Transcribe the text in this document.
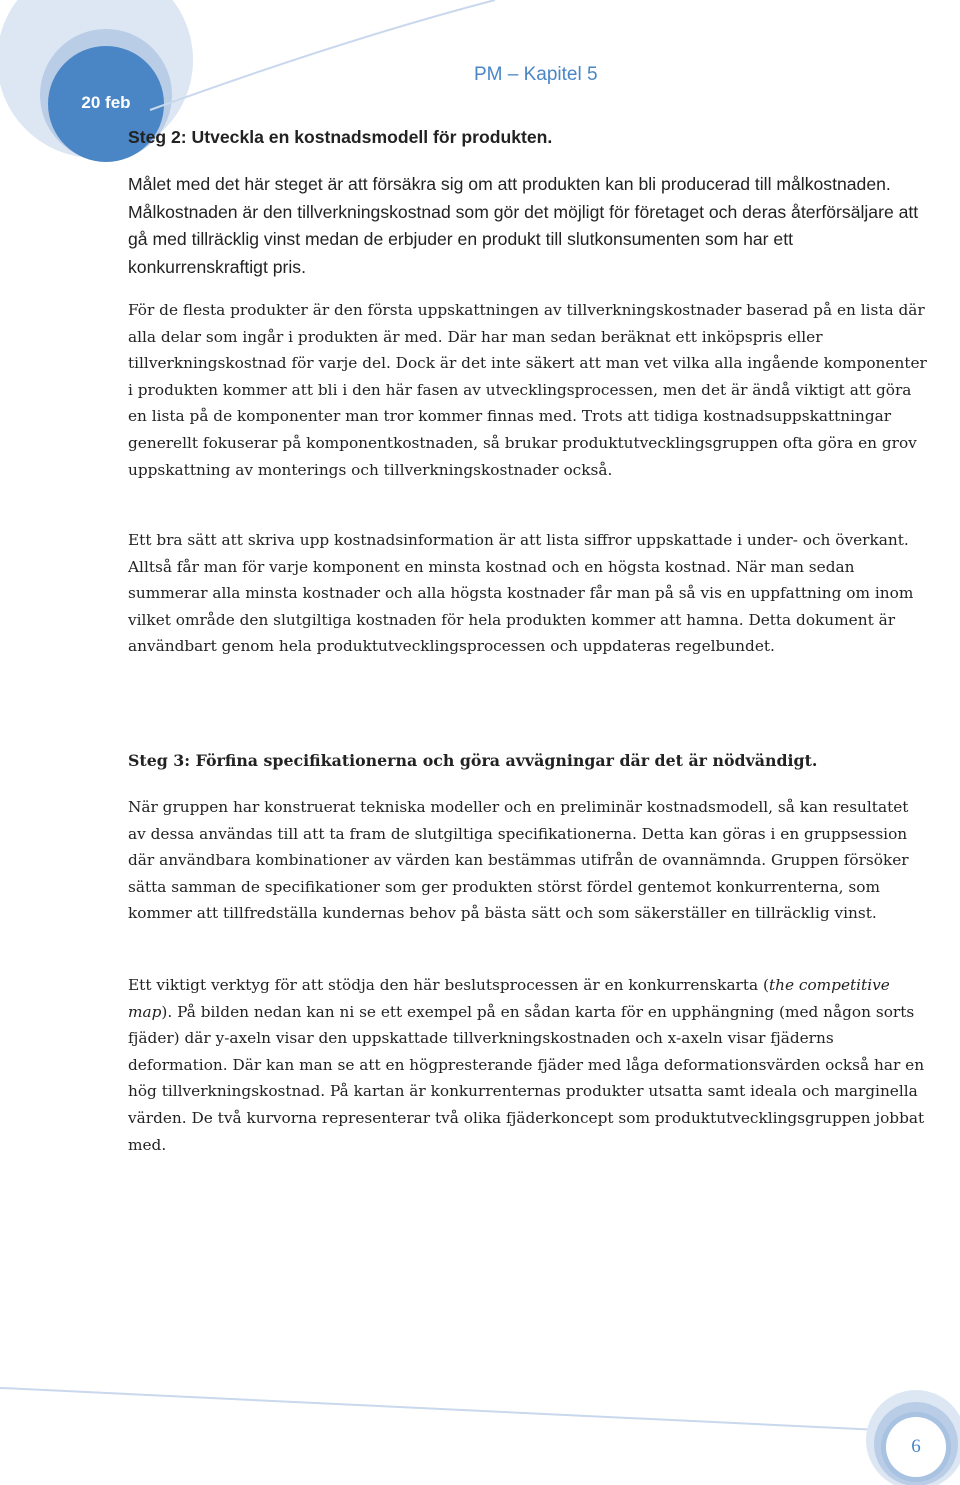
20 feb
PM – Kapitel 5

Steg 2: Utveckla en kostnadsmodell för produkten.

Målet med det här steget är att försäkra sig om att produkten kan bli producerad till målkostnaden. Målkostnaden är den tillverkningskostnad som gör det möjligt för företaget och deras återförsäljare att gå med tillräcklig vinst medan de erbjuder en produkt till slutkonsumenten som har ett konkurrenskraftigt pris.

För de flesta produkter är den första uppskattningen av tillverkningskostnader baserad på en lista där alla delar som ingår i produkten är med. Där har man sedan beräknat ett inköpspris eller tillverkningskostnad för varje del. Dock är det inte säkert att man vet vilka alla ingående komponenter i produkten kommer att bli i den här fasen av utvecklingsprocessen, men det är ändå viktigt att göra en lista på de komponenter man tror kommer finnas med. Trots att tidiga kostnadsuppskattningar generellt fokuserar på komponentkostnaden, så brukar produktutvecklingsgruppen ofta göra en grov uppskattning av monterings och tillverkningskostnader också.

Ett bra sätt att skriva upp kostnadsinformation är att lista siffror uppskattade i under- och överkant. Alltså får man för varje komponent en minsta kostnad och en högsta kostnad. När man sedan summerar alla minsta kostnader och alla högsta kostnader får man på så vis en uppfattning om inom vilket område den slutgiltiga kostnaden för hela produkten kommer att hamna. Detta dokument är användbart genom hela produktutvecklingsprocessen och uppdateras regelbundet.

Steg 3: Förfina specifikationerna och göra avvägningar där det är nödvändigt.

När gruppen har konstruerat tekniska modeller och en preliminär kostnadsmodell, så kan resultatet av dessa användas till att ta fram de slutgiltiga specifikationerna. Detta kan göras i en gruppsession där användbara kombinationer av värden kan bestämmas utifrån de ovannämnda. Gruppen försöker sätta samman de specifikationer som ger produkten störst fördel gentemot konkurrenterna, som kommer att tillfredställa kundernas behov på bästa sätt och som säkerställer en tillräcklig vinst.

Ett viktigt verktyg för att stödja den här beslutsprocessen är en konkurrenskarta (the competitive map). På bilden nedan kan ni se ett exempel på en sådan karta för en upphängning (med någon sorts fjäder) där y-axeln visar den uppskattade tillverkningskostnaden och x-axeln visar fjäderns deformation. Där kan man se att en högpresterande fjäder med låga deformationsvärden också har en hög tillverkningskostnad. På kartan är konkurrenternas produkter utsatta samt ideala och marginella värden. De två kurvorna representerar två olika fjäderkoncept som produktutvecklingsgruppen jobbat med.

6
